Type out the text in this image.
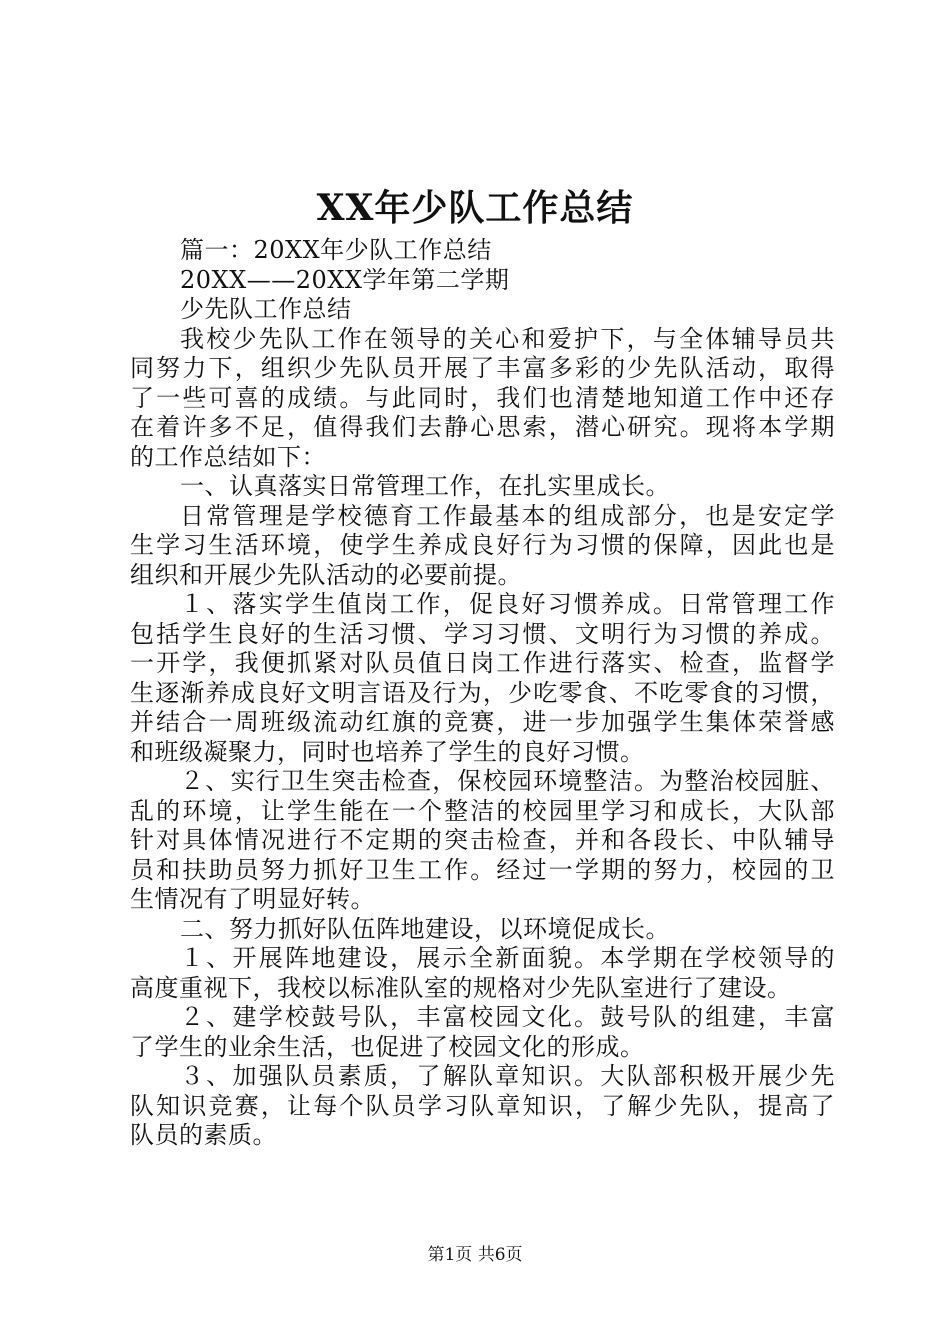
XX年少队工作总结
篇一：20XX年少队工作总结
20XX——20XX学年第二学期
少先队工作总结
我校少先队工作在领导的关心和爱护下，与全体辅导员共
同努力下，组织少先队员开展了丰富多彩的少先队活动，取得
了一些可喜的成绩。与此同时，我们也清楚地知道工作中还存
在着许多不足，值得我们去静心思索，潜心研究。现将本学期
的工作总结如下：
一、认真落实日常管理工作，在扎实里成长。
日常管理是学校德育工作最基本的组成部分，也是安定学
生学习生活环境，使学生养成良好行为习惯的保障，因此也是
组织和开展少先队活动的必要前提。
１、落实学生值岗工作，促良好习惯养成。日常管理工作
包括学生良好的生活习惯、学习习惯、文明行为习惯的养成。
一开学，我便抓紧对队员值日岗工作进行落实、检查，监督学
生逐渐养成良好文明言语及行为，少吃零食、不吃零食的习惯，
并结合一周班级流动红旗的竞赛，进一步加强学生集体荣誉感
和班级凝聚力，同时也培养了学生的良好习惯。
２、实行卫生突击检查，保校园环境整洁。为整治校园脏、
乱的环境，让学生能在一个整洁的校园里学习和成长，大队部
针对具体情况进行不定期的突击检查，并和各段长、中队辅导
员和扶助员努力抓好卫生工作。经过一学期的努力，校园的卫
生情况有了明显好转。
二、努力抓好队伍阵地建设，以环境促成长。
１、开展阵地建设，展示全新面貌。本学期在学校领导的
高度重视下，我校以标准队室的规格对少先队室进行了建设。
２、建学校鼓号队，丰富校园文化。鼓号队的组建，丰富
了学生的业余生活，也促进了校园文化的形成。
３、加强队员素质，了解队章知识。大队部积极开展少先
队知识竞赛，让每个队员学习队章知识，了解少先队，提高了
队员的素质。
第1页 共6页
